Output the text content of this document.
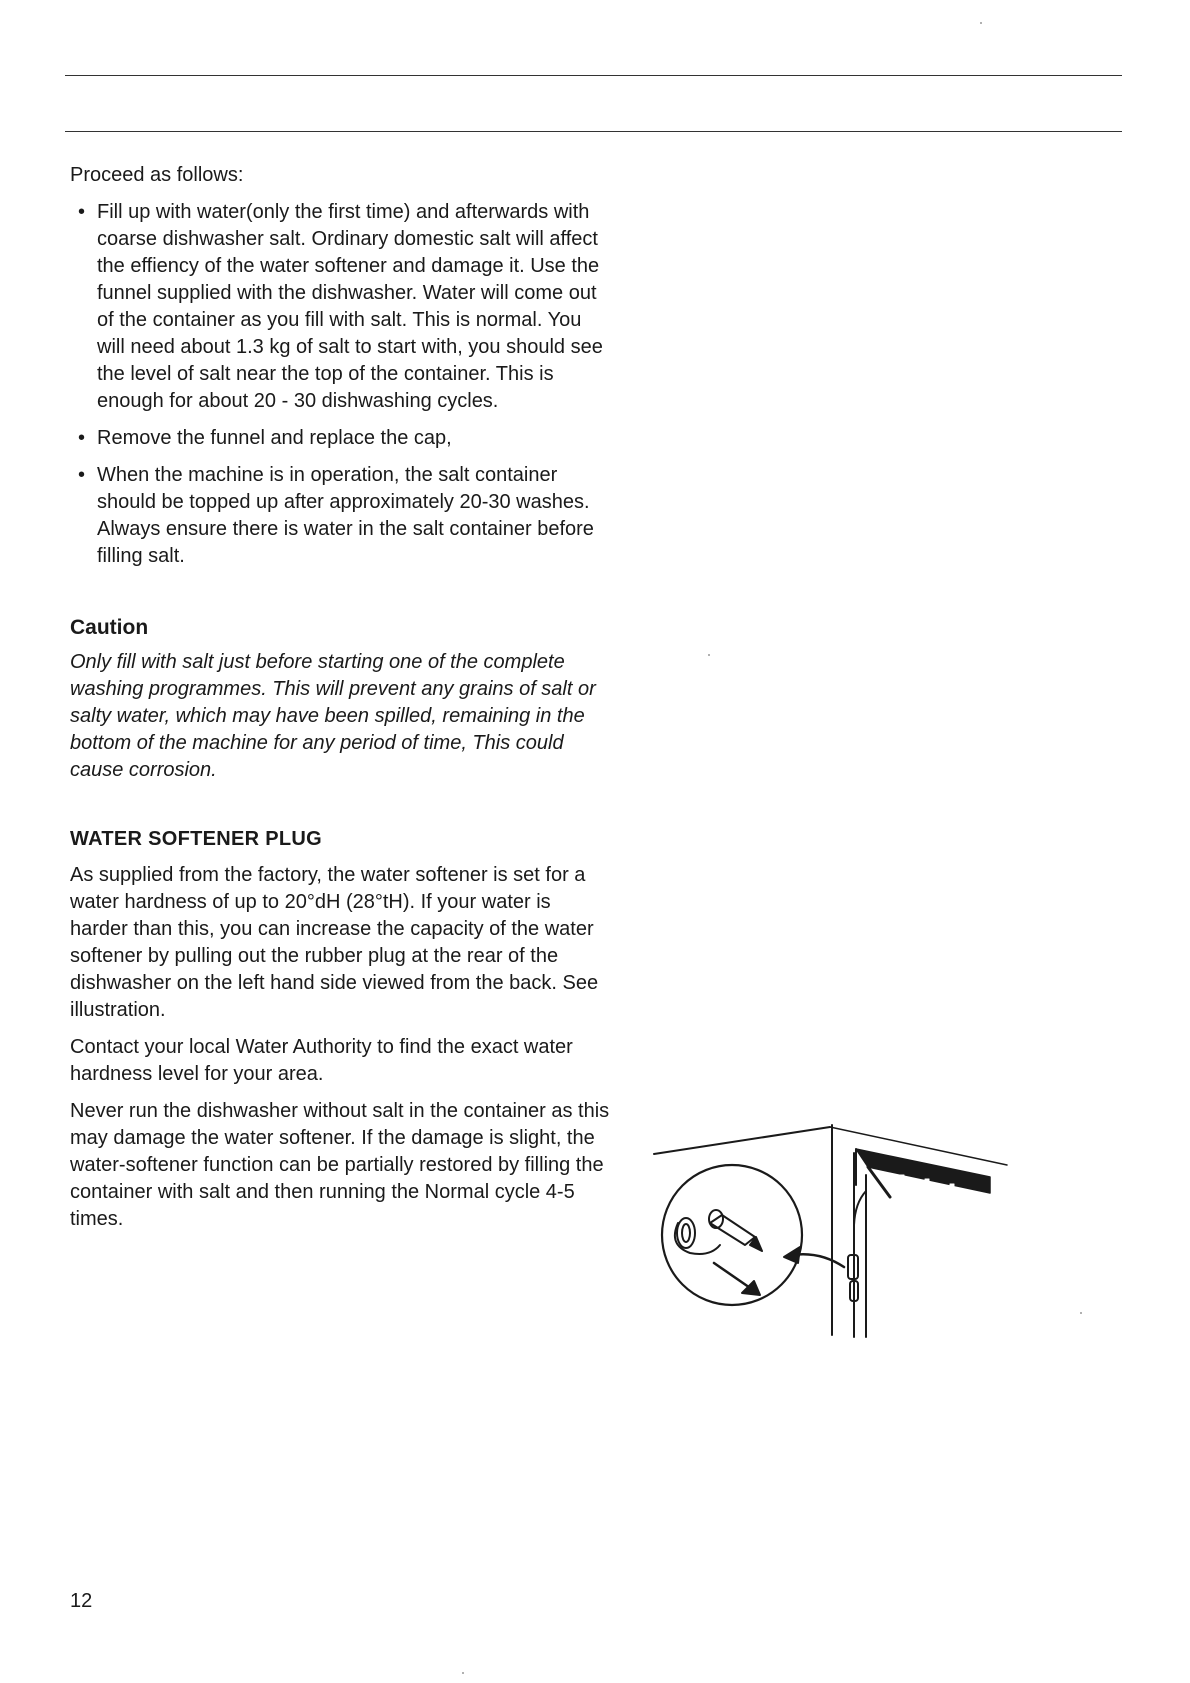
Proceed as follows:

• Fill up with water(only the first time) and afterwards with coarse dishwasher salt. Ordinary domestic salt will affect the effiency of the water softener and damage it. Use the funnel supplied with the dishwasher. Water will come out of the container as you fill with salt. This is normal. You will need about 1.3 kg of salt to start with, you should see the level of salt near the top of the container. This is enough for about 20 - 30 dishwashing cycles.
• Remove the funnel and replace the cap,
• When the machine is in operation, the salt container should be topped up after approximately 20-30 washes. Always ensure there is water in the salt container before filling salt.
Caution

Only fill with salt just before starting one of the complete washing programmes. This will prevent any grains of salt or salty water, which may have been spilled, remaining in the bottom of the machine for any period of time, This could cause corrosion.

WATER SOFTENER PLUG

As supplied from the factory, the water softener is set for a water hardness of up to 20°dH (28°tH). If your water is harder than this, you can increase the capacity of the water softener by pulling out the rubber plug at the rear of the dishwasher on the left hand side viewed from the back. See illustration.

Contact your local Water Authority to find the exact water hardness level for your area.

Never run the dishwasher without salt in the container as this may damage the water softener. If the damage is slight, the water-softener function can be partially restored by filling the container with salt and then running the Normal cycle 4-5 times.

12
